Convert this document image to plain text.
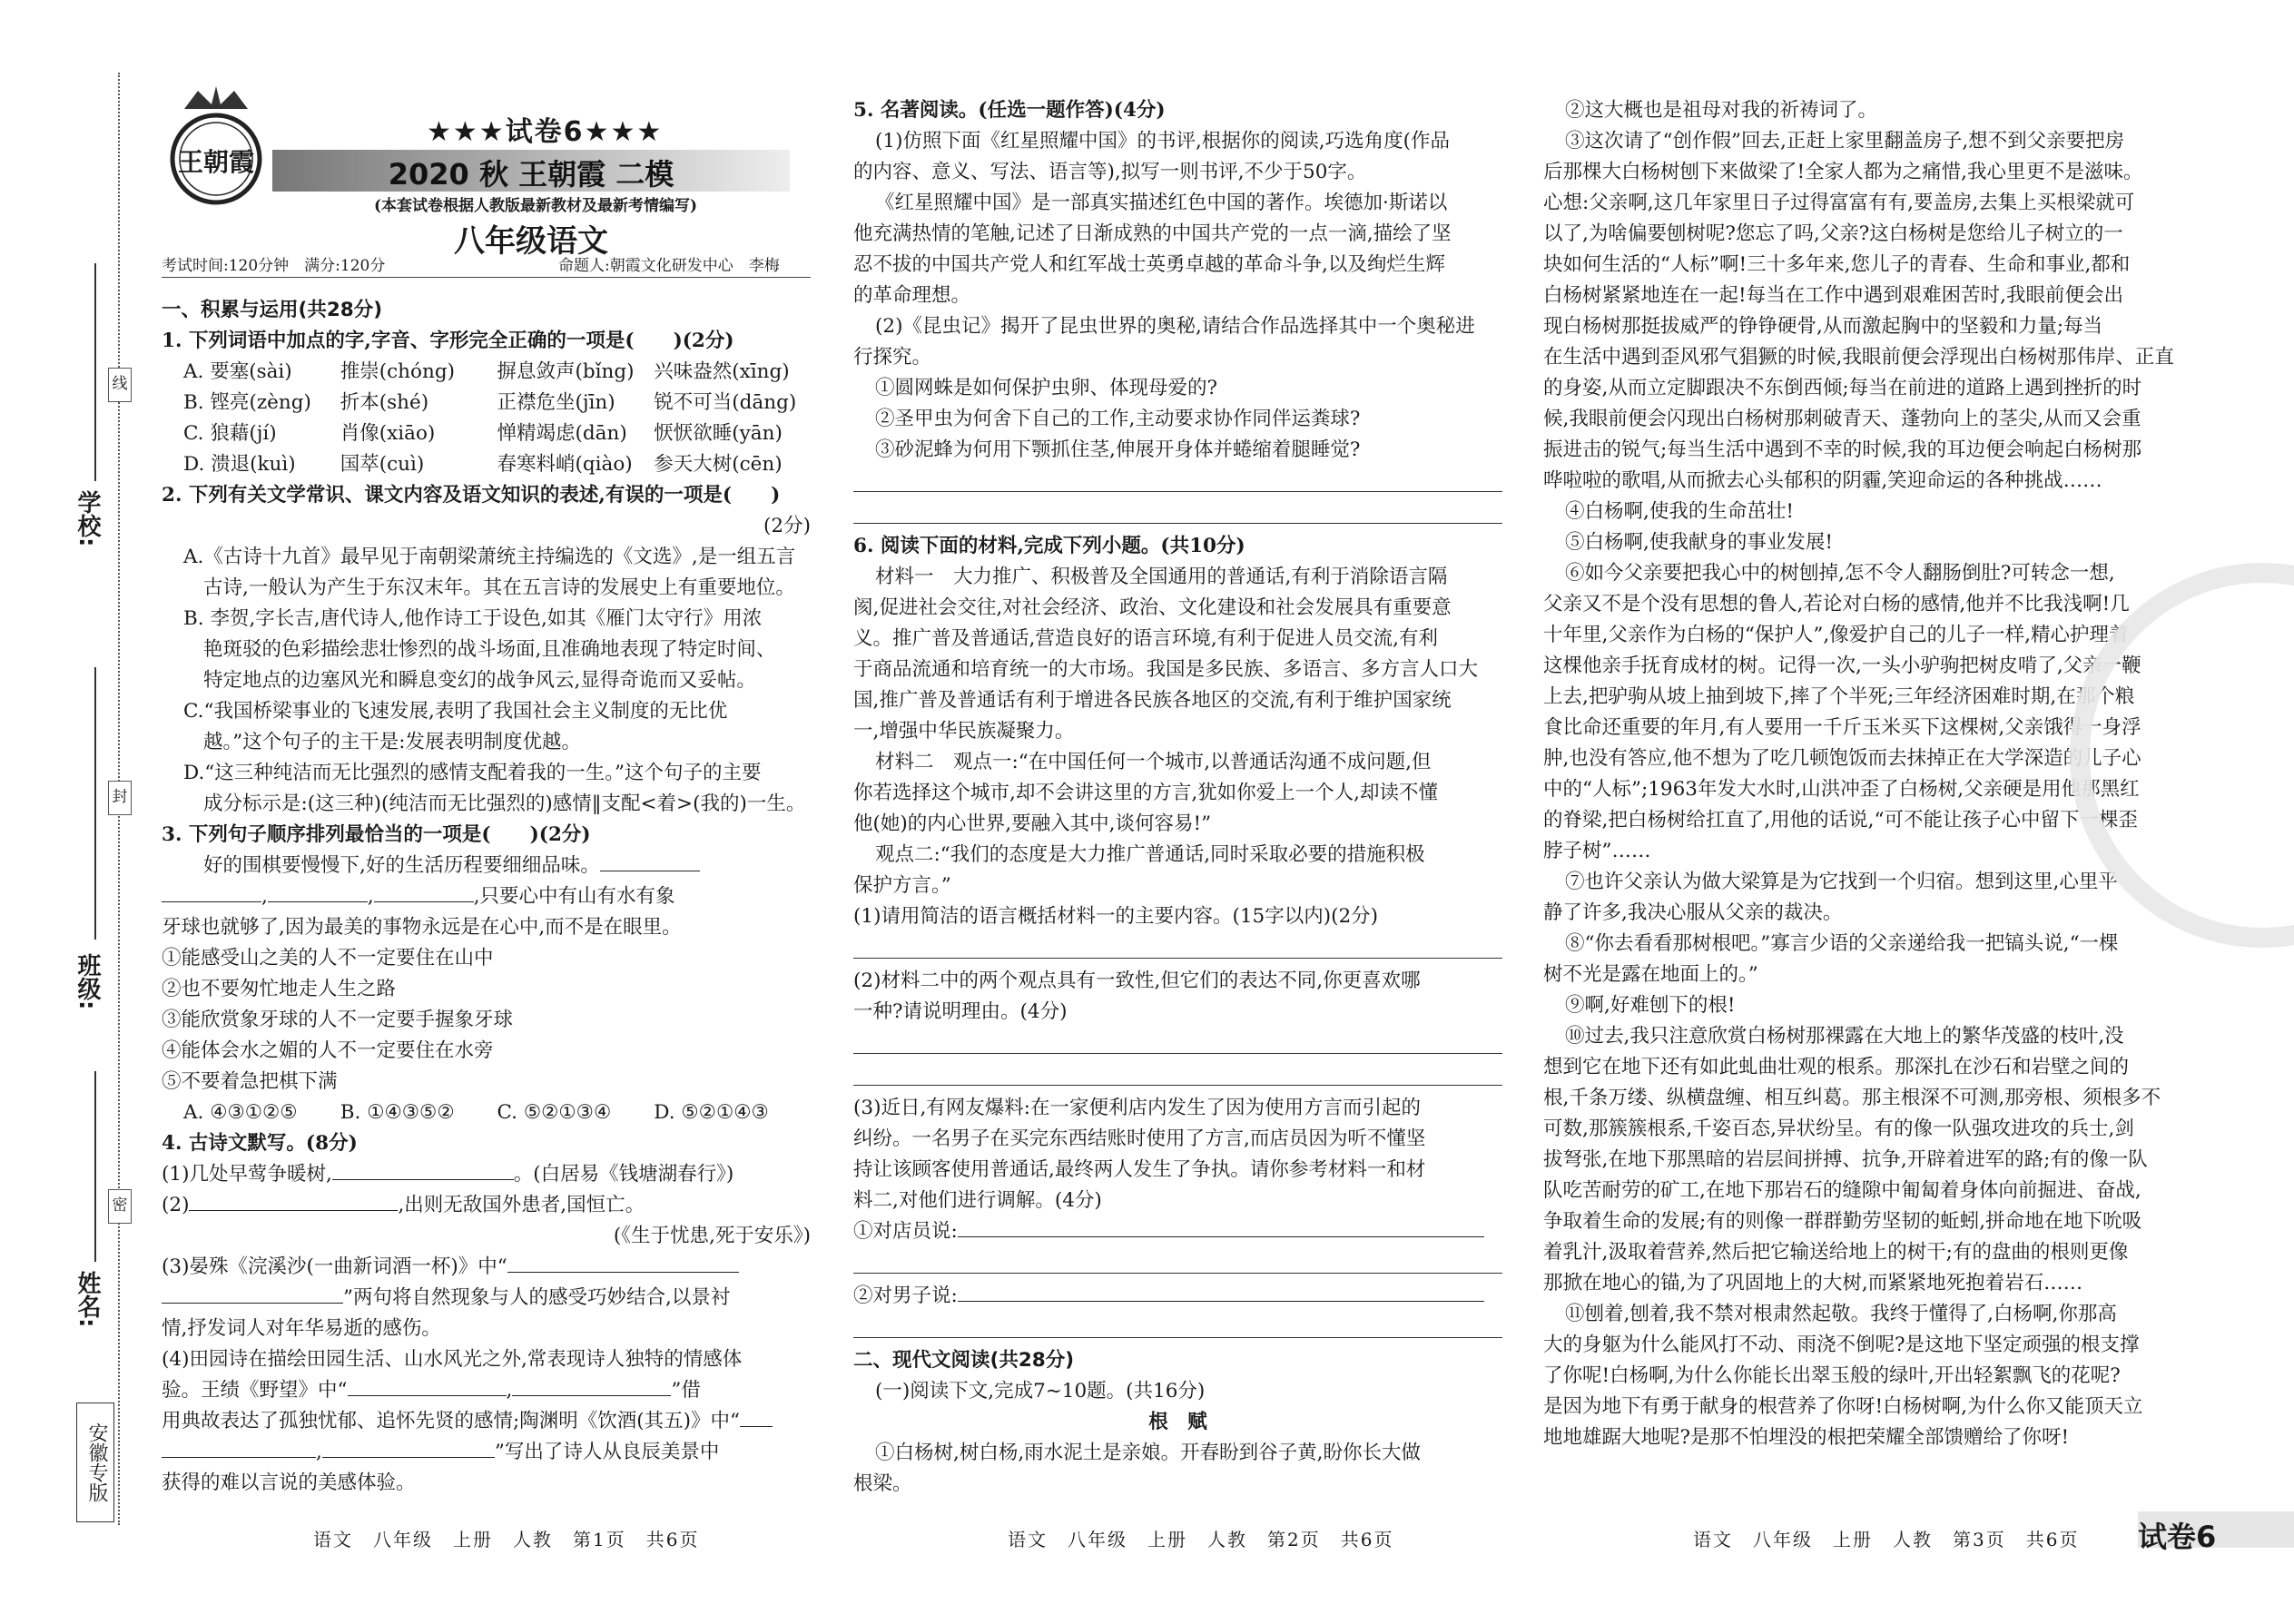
线
封
密
学校:
班级:
姓名:
安徽专版
王朝霞
★★★试卷6★★★
2020 秋 王朝霞 二模
(本套试卷根据人教版最新教材及最新考情编写)
八年级语文
考试时间:120分钟　满分:120分	命题人:朝霞文化研发中心　李梅
一、积累与运用(共28分)
1. 下列词语中加点的字,字音、字形完全正确的一项是(　　)(2分)
A. 要塞(sài)	推崇(chóng)	摒息敛声(bǐng)	兴味盎然(xīng)
B. 铿亮(zèng)	折本(shé)	正襟危坐(jīn)	锐不可当(dāng)
C. 狼藉(jí)	肖像(xiāo)	惮精竭虑(dān)	恹恹欲睡(yān)
D. 溃退(kuì)	国萃(cuì)	春寒料峭(qiào)	参天大树(cēn)
2. 下列有关文学常识、课文内容及语文知识的表述,有误的一项是(　　)
(2分)
A.《古诗十九首》最早见于南朝梁萧统主持编选的《文选》,是一组五言
古诗,一般认为产生于东汉末年。其在五言诗的发展史上有重要地位。
B. 李贺,字长吉,唐代诗人,他作诗工于设色,如其《雁门太守行》用浓
艳斑驳的色彩描绘悲壮惨烈的战斗场面,且准确地表现了特定时间、
特定地点的边塞风光和瞬息变幻的战争风云,显得奇诡而又妥帖。
C.“我国桥梁事业的飞速发展,表明了我国社会主义制度的无比优
越。”这个句子的主干是:发展表明制度优越。
D.“这三种纯洁而无比强烈的感情支配着我的一生。”这个句子的主要
成分标示是:(这三种)(纯洁而无比强烈的)感情‖支配<着>(我的)一生。
3. 下列句子顺序排列最恰当的一项是(　　)(2分)
好的围棋要慢慢下,好的生活历程要细细品味。
,	,	,只要心中有山有水有象
牙球也就够了,因为最美的事物永远是在心中,而不是在眼里。
①能感受山之美的人不一定要住在山中
②也不要匆忙地走人生之路
③能欣赏象牙球的人不一定要手握象牙球
④能体会水之媚的人不一定要住在水旁
⑤不要着急把棋下满
A. ④③①②⑤	B. ①④③⑤②	C. ⑤②①③④	D. ⑤②①④③
4. 古诗文默写。(8分)
(1)几处早莺争暖树,	。(白居易《钱塘湖春行》)
(2)	,出则无敌国外患者,国恒亡。
(《生于忧患,死于安乐》)
(3)晏殊《浣溪沙(一曲新词酒一杯)》中“
”两句将自然现象与人的感受巧妙结合,以景衬
情,抒发词人对年华易逝的感伤。
(4)田园诗在描绘田园生活、山水风光之外,常表现诗人独特的情感体
验。王绩《野望》中“	,	”借
用典故表达了孤独忧郁、追怀先贤的感情;陶渊明《饮酒(其五)》中“
,	”写出了诗人从良辰美景中
获得的难以言说的美感体验。
5. 名著阅读。(任选一题作答)(4分)
(1)仿照下面《红星照耀中国》的书评,根据你的阅读,巧选角度(作品
的内容、意义、写法、语言等),拟写一则书评,不少于50字。
《红星照耀中国》是一部真实描述红色中国的著作。埃德加·斯诺以
他充满热情的笔触,记述了日渐成熟的中国共产党的一点一滴,描绘了坚
忍不拔的中国共产党人和红军战士英勇卓越的革命斗争,以及绚烂生辉
的革命理想。
(2)《昆虫记》揭开了昆虫世界的奥秘,请结合作品选择其中一个奥秘进
行探究。
①圆网蛛是如何保护虫卵、体现母爱的?
②圣甲虫为何舍下自己的工作,主动要求协作同伴运粪球?
③砂泥蜂为何用下颚抓住茎,伸展开身体并蜷缩着腿睡觉?
6. 阅读下面的材料,完成下列小题。(共10分)
材料一　大力推广、积极普及全国通用的普通话,有利于消除语言隔
阂,促进社会交往,对社会经济、政治、文化建设和社会发展具有重要意
义。推广普及普通话,营造良好的语言环境,有利于促进人员交流,有利
于商品流通和培育统一的大市场。我国是多民族、多语言、多方言人口大
国,推广普及普通话有利于增进各民族各地区的交流,有利于维护国家统
一,增强中华民族凝聚力。
材料二　观点一:“在中国任何一个城市,以普通话沟通不成问题,但
你若选择这个城市,却不会讲这里的方言,犹如你爱上一个人,却读不懂
他(她)的内心世界,要融入其中,谈何容易!”
观点二:“我们的态度是大力推广普通话,同时采取必要的措施积极
保护方言。”
(1)请用简洁的语言概括材料一的主要内容。(15字以内)(2分)
(2)材料二中的两个观点具有一致性,但它们的表达不同,你更喜欢哪
一种?请说明理由。(4分)
(3)近日,有网友爆料:在一家便利店内发生了因为使用方言而引起的
纠纷。一名男子在买完东西结账时使用了方言,而店员因为听不懂坚
持让该顾客使用普通话,最终两人发生了争执。请你参考材料一和材
料二,对他们进行调解。(4分)
①对店员说:
②对男子说:
二、现代文阅读(共28分)
(一)阅读下文,完成7~10题。(共16分)
根　赋
①白杨树,树白杨,雨水泥土是亲娘。开春盼到谷子黄,盼你长大做
根梁。
②这大概也是祖母对我的祈祷词了。
③这次请了“创作假”回去,正赶上家里翻盖房子,想不到父亲要把房
后那棵大白杨树刨下来做梁了!全家人都为之痛惜,我心里更不是滋味。
心想:父亲啊,这几年家里日子过得富富有有,要盖房,去集上买根梁就可
以了,为啥偏要刨树呢?您忘了吗,父亲?这白杨树是您给儿子树立的一
块如何生活的“人标”啊!三十多年来,您儿子的青春、生命和事业,都和
白杨树紧紧地连在一起!每当在工作中遇到艰难困苦时,我眼前便会出
现白杨树那挺拔威严的铮铮硬骨,从而激起胸中的坚毅和力量;每当
在生活中遇到歪风邪气猖獗的时候,我眼前便会浮现出白杨树那伟岸、正直
的身姿,从而立定脚跟决不东倒西倾;每当在前进的道路上遇到挫折的时
候,我眼前便会闪现出白杨树那刺破青天、蓬勃向上的茎尖,从而又会重
振进击的锐气;每当生活中遇到不幸的时候,我的耳边便会响起白杨树那
哗啦啦的歌唱,从而掀去心头郁积的阴霾,笑迎命运的各种挑战……
④白杨啊,使我的生命茁壮!
⑤白杨啊,使我献身的事业发展!
⑥如今父亲要把我心中的树刨掉,怎不令人翻肠倒肚?可转念一想,
父亲又不是个没有思想的鲁人,若论对白杨的感情,他并不比我浅啊!几
十年里,父亲作为白杨的“保护人”,像爱护自己的儿子一样,精心护理着
这棵他亲手抚育成材的树。记得一次,一头小驴驹把树皮啃了,父亲一鞭
上去,把驴驹从坡上抽到坡下,摔了个半死;三年经济困难时期,在那个粮
食比命还重要的年月,有人要用一千斤玉米买下这棵树,父亲饿得一身浮
肿,也没有答应,他不想为了吃几顿饱饭而去抹掉正在大学深造的儿子心
中的“人标”;1963年发大水时,山洪冲歪了白杨树,父亲硬是用他那黑红
的脊梁,把白杨树给扛直了,用他的话说,“可不能让孩子心中留下一棵歪
脖子树”……
⑦也许父亲认为做大梁算是为它找到一个归宿。想到这里,心里平
静了许多,我决心服从父亲的裁决。
⑧“你去看看那树根吧。”寡言少语的父亲递给我一把镐头说,“一棵
树不光是露在地面上的。”
⑨啊,好难刨下的根!
⑩过去,我只注意欣赏白杨树那裸露在大地上的繁华茂盛的枝叶,没
想到它在地下还有如此虬曲壮观的根系。那深扎在沙石和岩壁之间的
根,千条万缕、纵横盘缠、相互纠葛。那主根深不可测,那旁根、须根多不
可数,那簇簇根系,千姿百态,异状纷呈。有的像一队强攻进攻的兵士,剑
拔弩张,在地下那黑暗的岩层间拼搏、抗争,开辟着进军的路;有的像一队
队吃苦耐劳的矿工,在地下那岩石的缝隙中匍匐着身体向前掘进、奋战,
争取着生命的发展;有的则像一群群勤劳坚韧的蚯蚓,拼命地在地下吮吸
着乳汁,汲取着营养,然后把它输送给地上的树干;有的盘曲的根则更像
那掀在地心的锚,为了巩固地上的大树,而紧紧地死抱着岩石……
⑪刨着,刨着,我不禁对根肃然起敬。我终于懂得了,白杨啊,你那高
大的身躯为什么能风打不动、雨浇不倒呢?是这地下坚定顽强的根支撑
了你呢!白杨啊,为什么你能长出翠玉般的绿叶,开出轻絮飘飞的花呢?
是因为地下有勇于献身的根营养了你呀!白杨树啊,为什么你又能顶天立
地地雄踞大地呢?是那不怕埋没的根把荣耀全部馈赠给了你呀!
语文　八年级　上册　人教　第1页　共6页	语文　八年级　上册　人教　第2页　共6页	语文　八年级　上册　人教　第3页　共6页 试卷6
